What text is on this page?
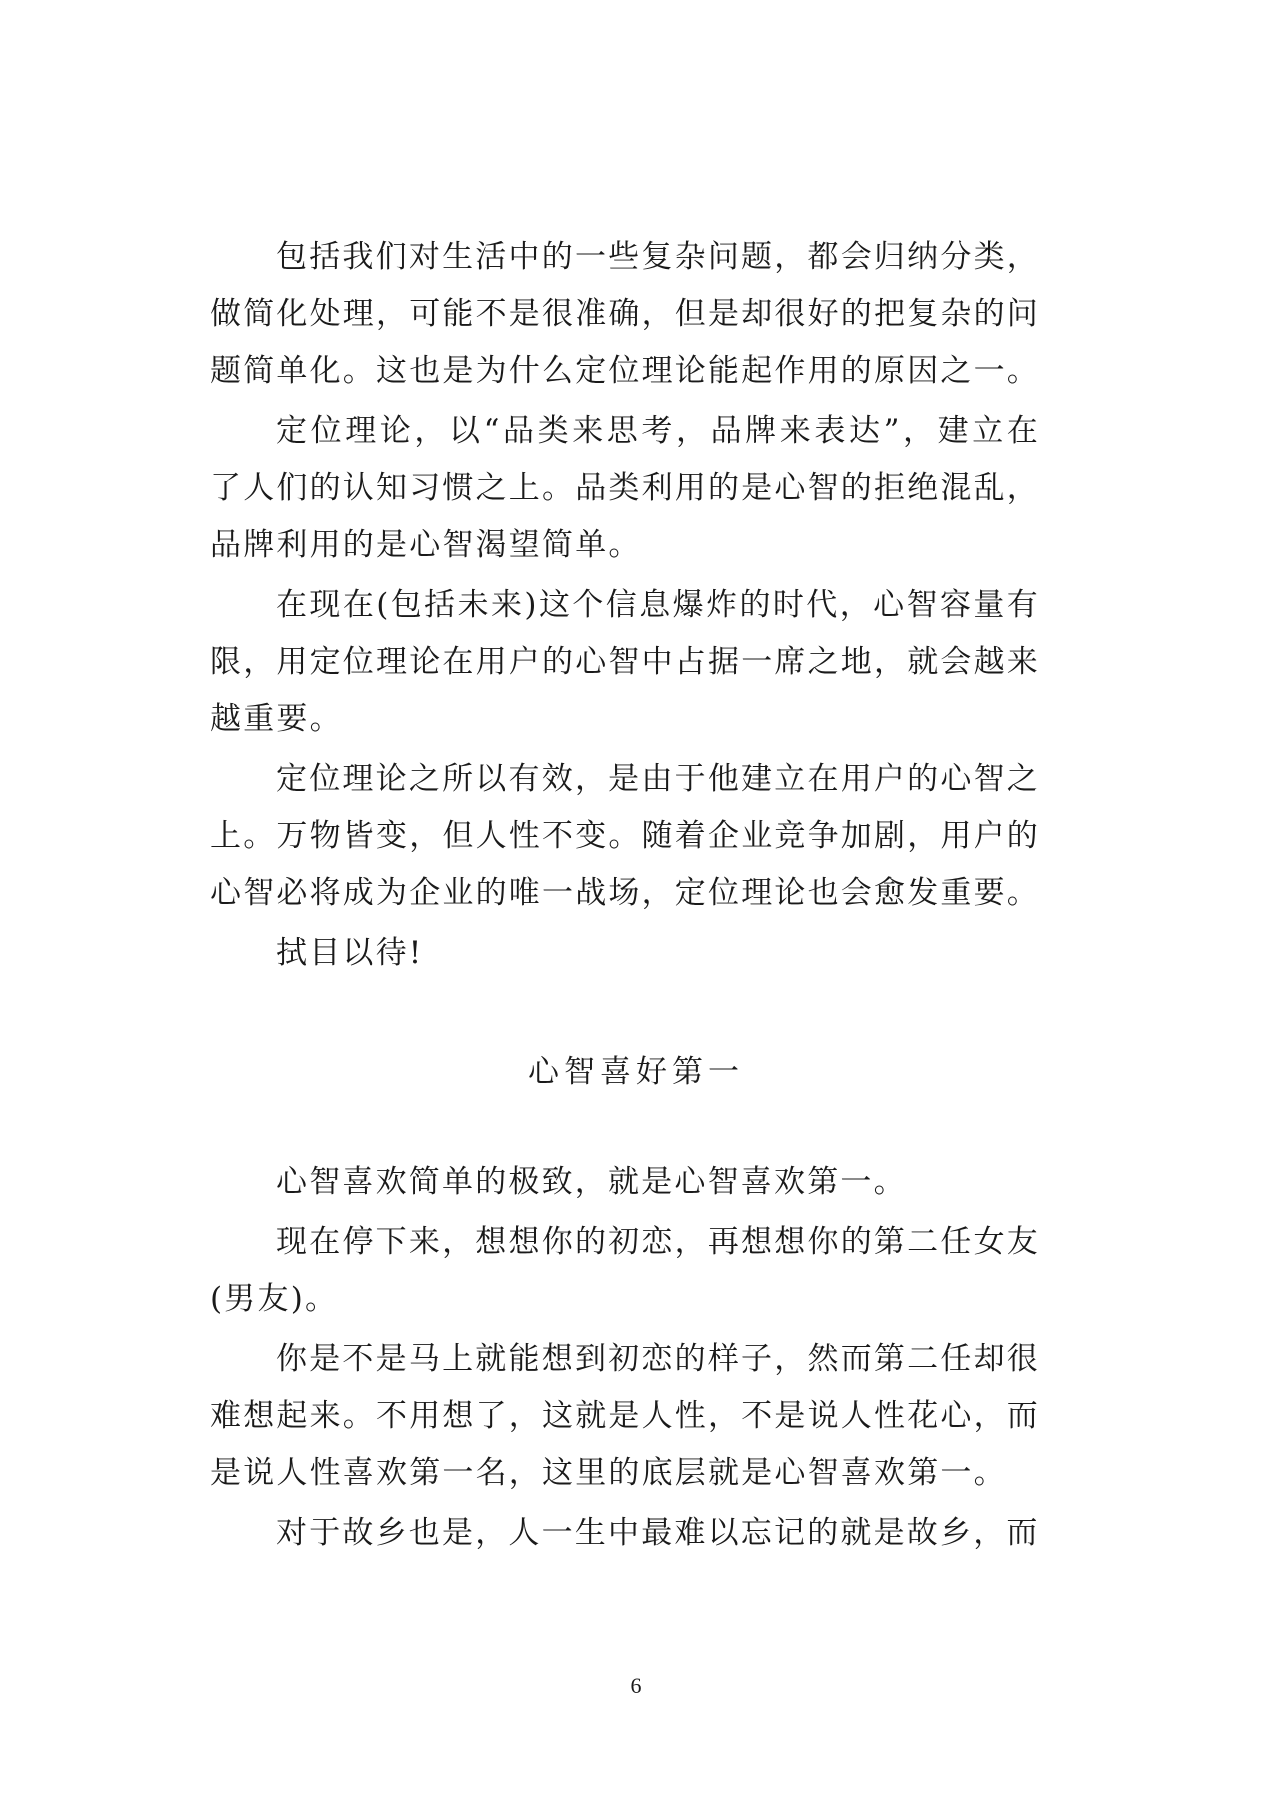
包括我们对生活中的一些复杂问题，都会归纳分类，做简化处理，可能不是很准确，但是却很好的把复杂的问题简单化。这也是为什么定位理论能起作用的原因之一。

定位理论，以“品类来思考，品牌来表达”，建立在了人们的认知习惯之上。品类利用的是心智的拒绝混乱，品牌利用的是心智渴望简单。

在现在(包括未来)这个信息爆炸的时代，心智容量有限，用定位理论在用户的心智中占据一席之地，就会越来越重要。

定位理论之所以有效，是由于他建立在用户的心智之上。万物皆变，但人性不变。随着企业竞争加剧，用户的心智必将成为企业的唯一战场，定位理论也会愈发重要。

拭目以待!

心智喜好第一

心智喜欢简单的极致，就是心智喜欢第一。

现在停下来，想想你的初恋，再想想你的第二任女友(男友)。

你是不是马上就能想到初恋的样子，然而第二任却很难想起来。不用想了，这就是人性，不是说人性花心，而是说人性喜欢第一名，这里的底层就是心智喜欢第一。

对于故乡也是，人一生中最难以忘记的就是故乡，而

6
